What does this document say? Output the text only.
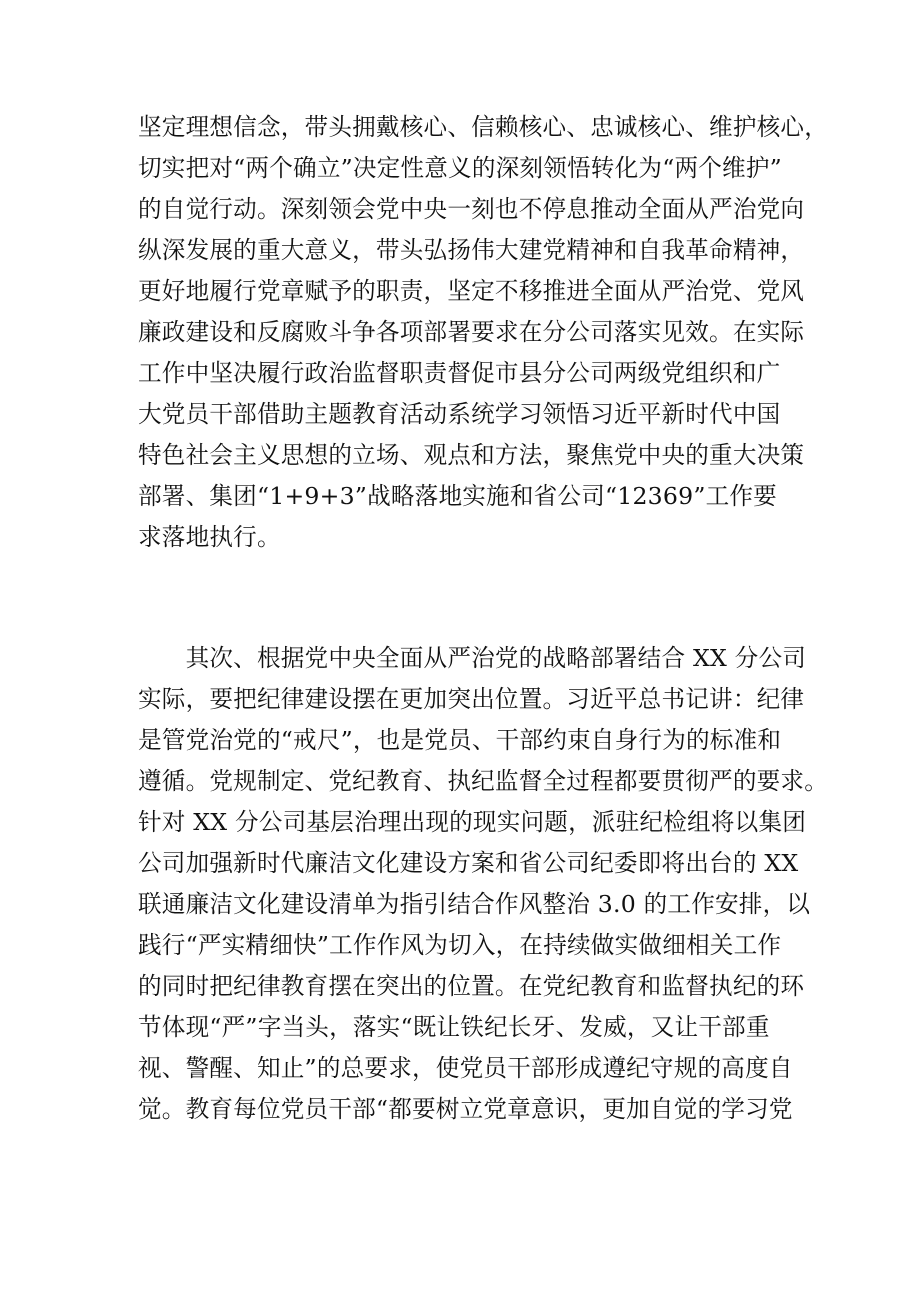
坚定理想信念，带头拥戴核心、信赖核心、忠诚核心、维护核心，
切实把对“两个确立”决定性意义的深刻领悟转化为“两个维护”
的自觉行动。深刻领会党中央一刻也不停息推动全面从严治党向
纵深发展的重大意义，带头弘扬伟大建党精神和自我革命精神，
更好地履行党章赋予的职责，坚定不移推进全面从严治党、党风
廉政建设和反腐败斗争各项部署要求在分公司落实见效。在实际
工作中坚决履行政治监督职责督促市县分公司两级党组织和广
大党员干部借助主题教育活动系统学习领悟习近平新时代中国
特色社会主义思想的立场、观点和方法，聚焦党中央的重大决策
部署、集团“1+9+3”战略落地实施和省公司“12369”工作要
求落地执行。
　　其次、根据党中央全面从严治党的战略部署结合 XX 分公司
实际，要把纪律建设摆在更加突出位置。习近平总书记讲：纪律
是管党治党的“戒尺”，也是党员、干部约束自身行为的标准和
遵循。党规制定、党纪教育、执纪监督全过程都要贯彻严的要求。
针对 XX 分公司基层治理出现的现实问题，派驻纪检组将以集团
公司加强新时代廉洁文化建设方案和省公司纪委即将出台的 XX
联通廉洁文化建设清单为指引结合作风整治 3.0 的工作安排，以
践行“严实精细快”工作作风为切入，在持续做实做细相关工作
的同时把纪律教育摆在突出的位置。在党纪教育和监督执纪的环
节体现“严”字当头，落实“既让铁纪长牙、发威，又让干部重
视、警醒、知止”的总要求，使党员干部形成遵纪守规的高度自
觉。教育每位党员干部“都要树立党章意识，更加自觉的学习党
